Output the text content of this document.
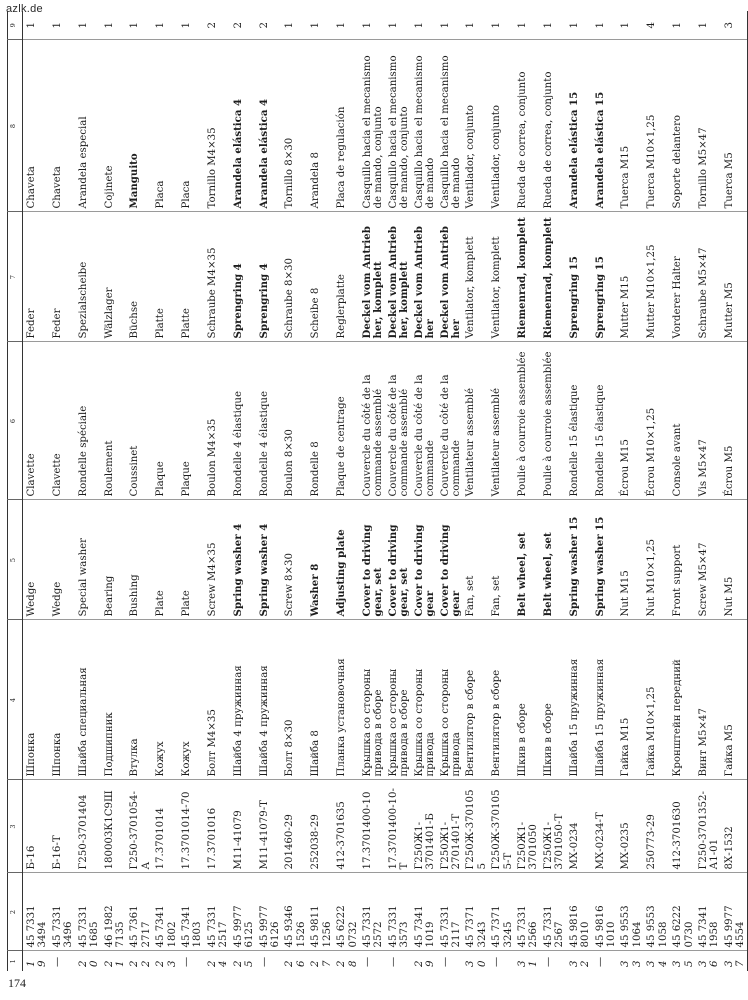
azlk.de
1	2	3	4	5	6	7	8	9
19	45 7331 3494	Б-16	Шпонка	Wedge	Clavette	Feder	Chaveta	1
—	45 7331 3496	Б-16-Т	Шпонка	Wedge	Clavette	Feder	Chaveta	1
20	45 7331 1685	Г250-3701404	Шайба специальная	Special washer	Rondelle spéciale	Spezialscheibe	Arandela especial	1
21	46 1982 7135	180003К1С9Ш	Подшипник	Bearing	Roulement	Wälzlager	Cojinete	1
22	45 7361 2717	Г250-3701054-А	Втулка	Bushing	Coussinet	Büchse	Manguito	1
23	45 7341 1802	17.3701014	Кожух	Plate	Plaque	Platte	Placa	1
—	45 7341 1803	17.3701014-70	Кожух	Plate	Plaque	Platte	Placa	1
24	45 7331 2517	17.3701016	Болт М4×35	Screw M4×35	Boulon M4×35	Schraube M4×35	Tornillo M4×35	2
25	45 9977 6125	М11-41079	Шайба 4 пружинная	Spring washer 4	Rondelle 4 élastique	Sprengring 4	Arandela elástica 4	2
—	45 9977 6126	М11-41079-Т	Шайба 4 пружинная	Spring washer 4	Rondelle 4 élastique	Sprengring 4	Arandela elástica 4	2
26	45 9346 1526	201460-29	Болт 8×30	Screw 8×30	Boulon 8×30	Schraube 8×30	Tornillo 8×30	1
27	45 9811 1256	252038-29	Шайба 8	Washer 8	Rondelle 8	Scheibe 8	Arandela 8	1
28	45 6222 0732	412-3701635	Планка установочная	Adjusting plate	Plaque de centrage	Reglerplatte	Placa de regulación	1
—	45 7331 2572	17.3701400-10	Крышка со стороны привода в сборе	Cover to driving gear, set	Couvercle du côté de la commande assemblé	Deckel vom Antrieb her, komplett	Casquillo hacia el mecanismo de mando, conjunto	1
—	45 7331 3573	17.3701400-10-Т	Крышка со стороны привода в сборе	Cover to driving gear, set	Couvercle du côté de la commande assemblé	Deckel vom Antrieb her, komplett	Casquillo hacia el mecanismo de mando, conjunto	1
29	45 7341 1019	Г250Ж1-3701401-Б	Крышка со стороны привода	Cover to driving gear	Couvercle du côté de la commande	Deckel vom Antrieb her	Casquillo hacia el mecanismo de mando	1
—	45 7331 2117	Г250Ж1-2701401-Т	Крышка со стороны привода	Cover to driving gear	Couvercle du côté de la commande	Deckel vom Antrieb her	Casquillo hacia el mecanismo de mando	1
30	45 7371 3243	Г250Ж-3701055	Вентилятор в сборе	Fan, set	Ventilateur assemblé	Ventilator, komplett	Ventilador, conjunto	1
—	45 7371 3245	Г250Ж-3701055-Т	Вентилятор в сборе	Fan, set	Ventilateur assemblé	Ventilator, komplett	Ventilador, conjunto	1
31	45 7331 2566	Г250Ж1-3701050	Шкив в сборе	Belt wheel, set	Poulie à courroie assemblée	Riemenrad, komplett	Rueda de correa, conjunto	1
—	45 7331 2567	Г250Ж1-3701050-Т	Шкив в сборе	Belt wheel, set	Poulie à courroie assemblée	Riemenrad, komplett	Rueda de correa, conjunto	1
32	45 9816 8010	МХ-0234	Шайба 15 пружинная	Spring washer 15	Rondelle 15 élastique	Sprengring 15	Arandela elástica 15	1
—	45 9816 1010	МХ-0234-Т	Шайба 15 пружинная	Spring washer 15	Rondelle 15 élastique	Sprengring 15	Arandela elástica 15	1
33	45 9553 1064	МХ-0235	Гайка М15	Nut M15	Écrou M15	Mutter M15	Tuerca M15	1
34	45 9553 1058	250773-29	Гайка М10×1,25	Nut M10×1,25	Écrou M10×1,25	Mutter M10×1,25	Tuerca M10×1,25	4
35	45 6222 0730	412-3701630	Кронштейн передний	Front support	Console avant	Vorderer Halter	Soporte delantero	1
36	45 7341 1958	Г250-3701352-А1-01	Винт М5×47	Screw M5×47	Vis M5×47	Schraube M5×47	Tornillo M5×47	1
37	45 9977 4554	8Х-1532	Гайка М5	Nut M5	Écrou M5	Mutter M5	Tuerca M5	3
174
